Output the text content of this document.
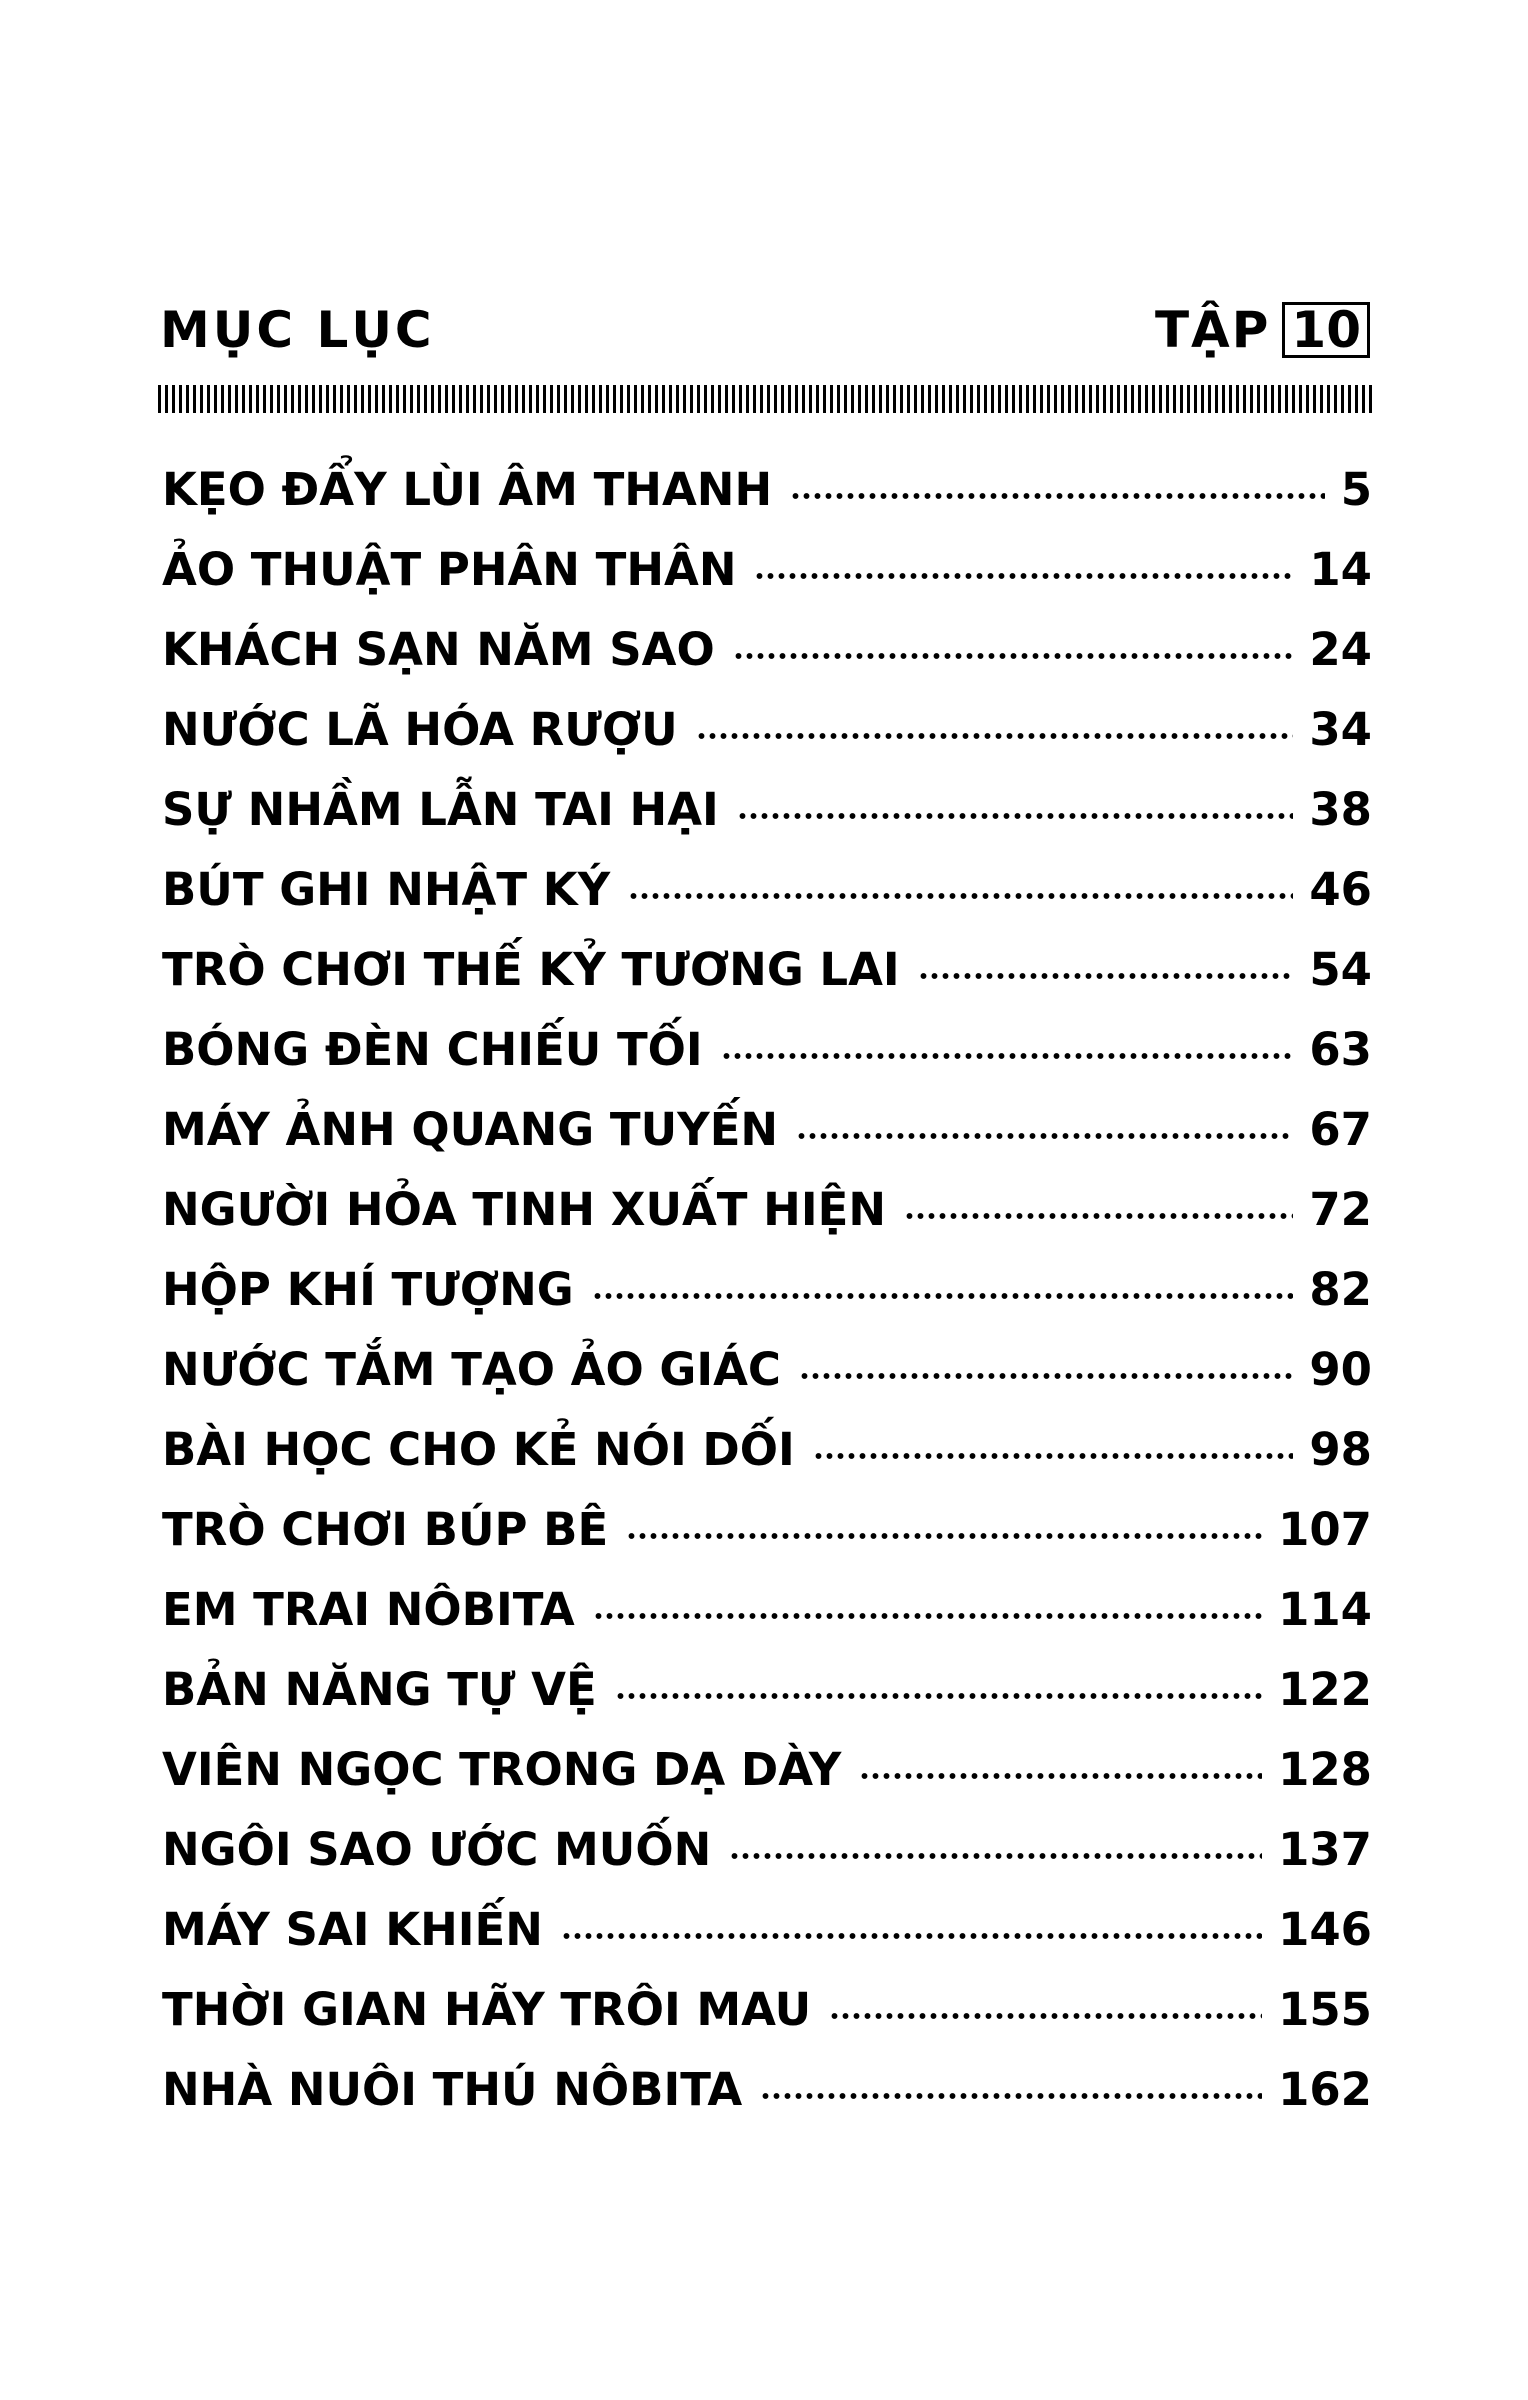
MỤC LỤC	TẬP 10
KẸO ĐẨY LÙI ÂM THANH	5
ẢO THUẬT PHÂN THÂN	14
KHÁCH SẠN NĂM SAO	24
NƯỚC LÃ HÓA RƯỢU	34
SỰ NHẦM LẪN TAI HẠI	38
BÚT GHI NHẬT KÝ	46
TRÒ CHƠI THẾ KỶ TƯƠNG LAI	54
BÓNG ĐÈN CHIẾU TỐI	63
MÁY ẢNH QUANG TUYẾN	67
NGƯỜI HỎA TINH XUẤT HIỆN	72
HỘP KHÍ TƯỢNG	82
NƯỚC TẮM TẠO ẢO GIÁC	90
BÀI HỌC CHO KẺ NÓI DỐI	98
TRÒ CHƠI BÚP BÊ	107
EM TRAI NÔBITA	114
BẢN NĂNG TỰ VỆ	122
VIÊN NGỌC TRONG DẠ DÀY	128
NGÔI SAO ƯỚC MUỐN	137
MÁY SAI KHIẾN	146
THỜI GIAN HÃY TRÔI MAU	155
NHÀ NUÔI THÚ NÔBITA	162
